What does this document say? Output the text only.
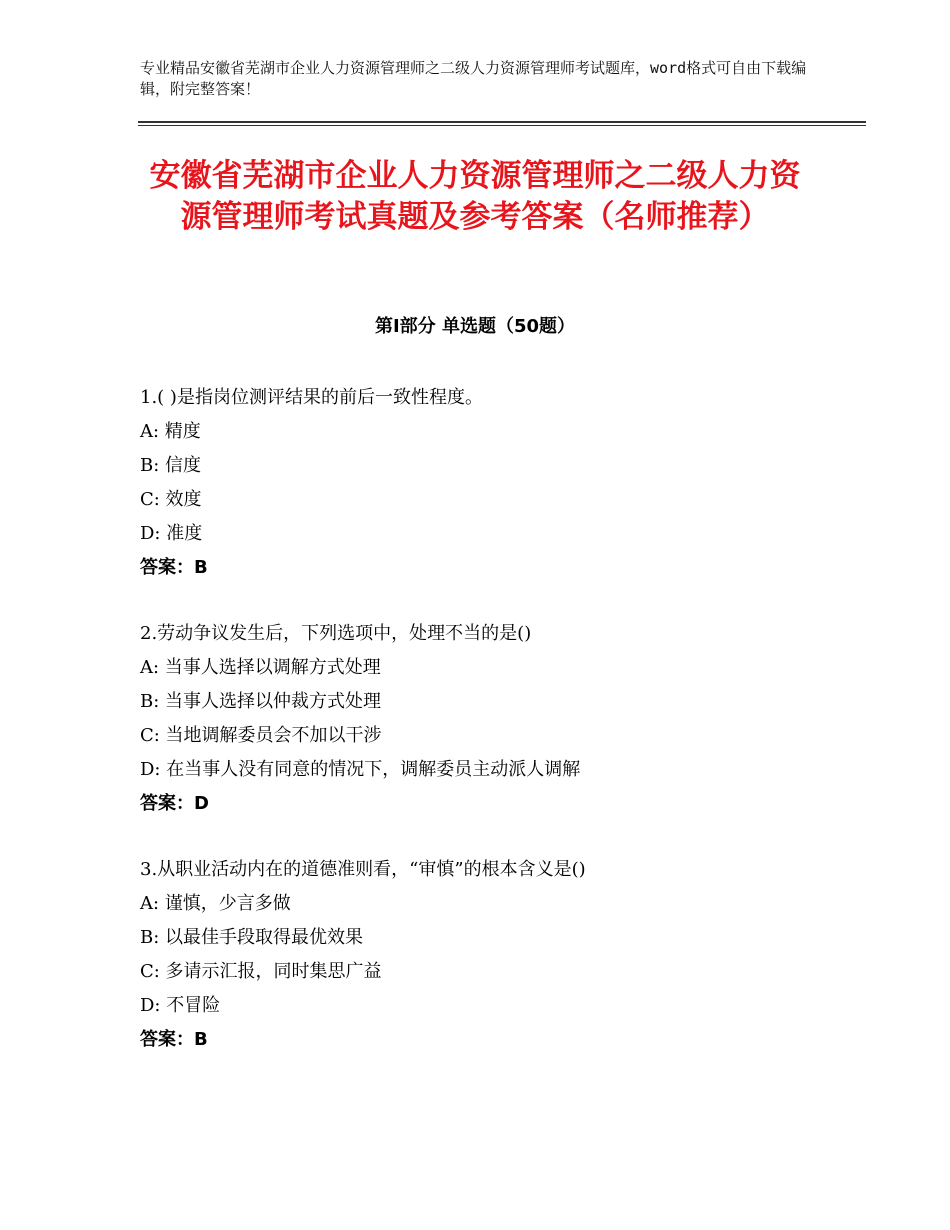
专业精品安徽省芜湖市企业人力资源管理师之二级人力资源管理师考试题库，word格式可自由下载编辑，附完整答案！
安徽省芜湖市企业人力资源管理师之二级人力资源管理师考试真题及参考答案（名师推荐）
第Ⅰ部分 单选题（50题）
1.( )是指岗位测评结果的前后一致性程度。
A: 精度
B: 信度
C: 效度
D: 准度
答案：B
2.劳动争议发生后，下列选项中，处理不当的是()
A: 当事人选择以调解方式处理
B: 当事人选择以仲裁方式处理
C: 当地调解委员会不加以干涉
D: 在当事人没有同意的情况下，调解委员主动派人调解
答案：D
3.从职业活动内在的道德准则看，“审慎”的根本含义是()
A: 谨慎，少言多做
B: 以最佳手段取得最优效果
C: 多请示汇报，同时集思广益
D: 不冒险
答案：B
